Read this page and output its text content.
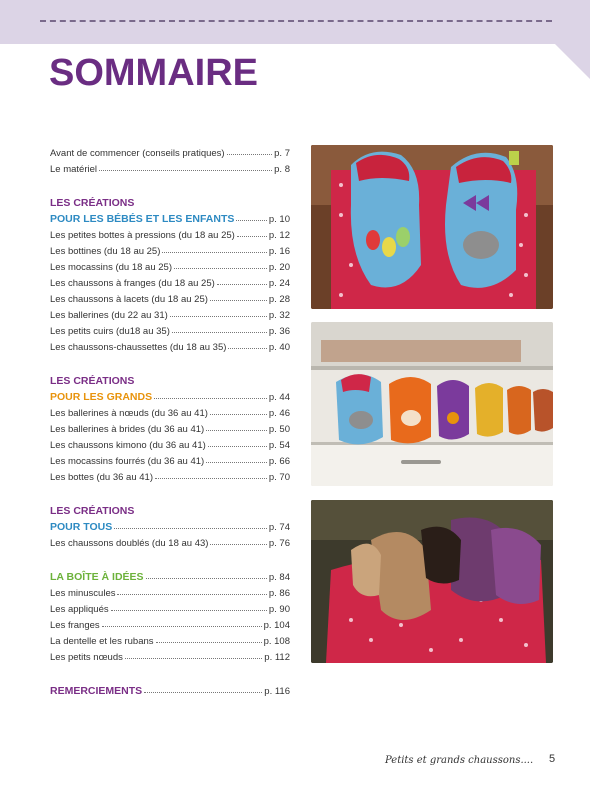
SOMMAIRE
Avant de commencer (conseils pratiques)	p. 7
Le matériel	p. 8
LES CRÉATIONS
POUR LES BÉBÉS ET LES ENFANTS	p. 10
Les petites bottes à pressions (du 18 au 25)	p. 12
Les bottines (du 18 au 25)	p. 16
Les mocassins (du 18 au 25)	p. 20
Les chaussons à franges (du 18 au 25)	p. 24
Les chaussons à lacets (du 18 au 25)	p. 28
Les ballerines (du 22 au 31)	p. 32
Les petits cuirs (du18 au 35)	p. 36
Les chaussons-chaussettes (du 18 au 35)	p. 40
LES CRÉATIONS
POUR LES GRANDS	p. 44
Les ballerines à nœuds (du 36 au 41)	p. 46
Les ballerines à brides (du 36 au 41)	p. 50
Les chaussons kimono (du 36 au 41)	p. 54
Les mocassins fourrés (du 36 au 41)	p. 66
Les bottes (du 36 au 41)	p. 70
LES CRÉATIONS
POUR TOUS	p. 74
Les chaussons doublés (du 18 au 43)	p. 76
LA BOÎTE À IDÉES	p. 84
Les minuscules	p. 86
Les appliqués	p. 90
Les franges	p. 104
La dentelle et les rubans	p. 108
Les petits nœuds	p. 112
REMERCIEMENTS	p. 116
Petits et grands chaussons.... 5
